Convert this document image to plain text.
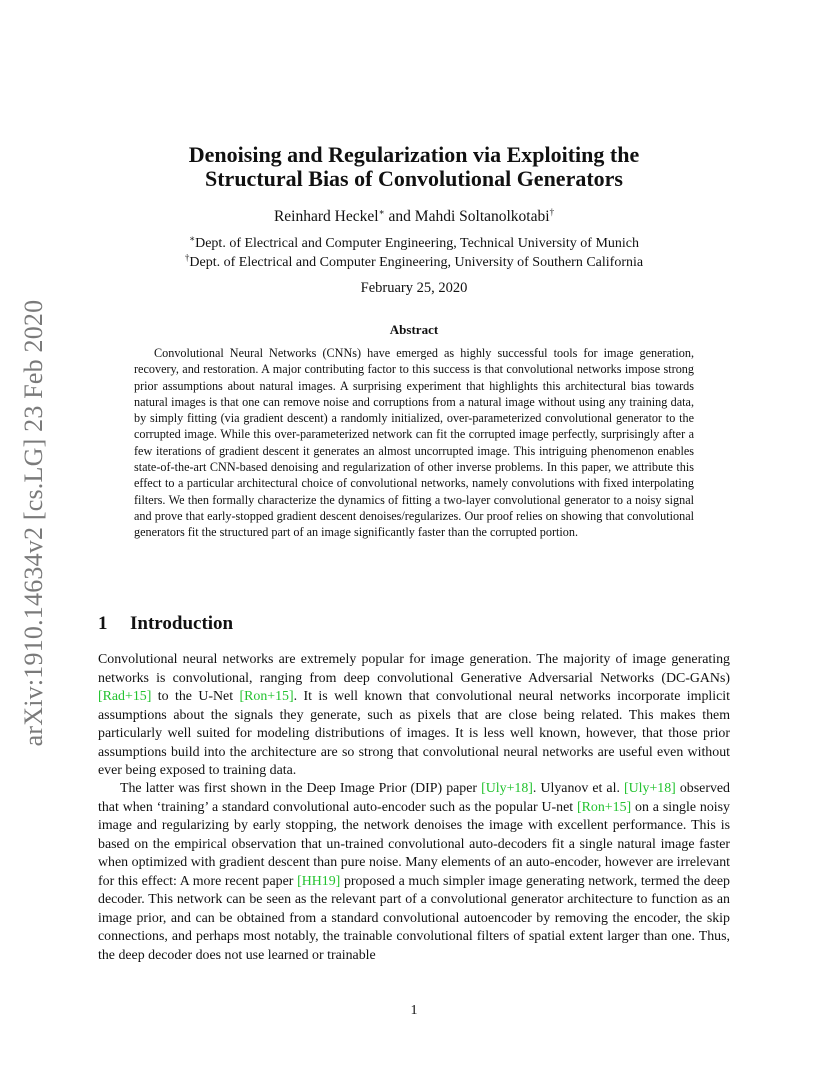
arXiv:1910.14634v2 [cs.LG] 23 Feb 2020
Denoising and Regularization via Exploiting the
Structural Bias of Convolutional Generators
Reinhard Heckel∗ and Mahdi Soltanolkotabi†
∗Dept. of Electrical and Computer Engineering, Technical University of Munich
†Dept. of Electrical and Computer Engineering, University of Southern California
February 25, 2020
Abstract

Convolutional Neural Networks (CNNs) have emerged as highly successful tools for image generation, recovery, and restoration. A major contributing factor to this success is that convolutional networks impose strong prior assumptions about natural images. A surprising experiment that highlights this architectural bias towards natural images is that one can remove noise and corruptions from a natural image without using any training data, by simply fitting (via gradient descent) a randomly initialized, over-parameterized convolutional generator to the corrupted image. While this over-parameterized network can fit the corrupted image perfectly, surprisingly after a few iterations of gradient descent it generates an almost uncorrupted image. This intriguing phenomenon enables state-of-the-art CNN-based denoising and regularization of other inverse problems. In this paper, we attribute this effect to a particular architectural choice of convolutional networks, namely convolutions with fixed interpolating filters. We then formally characterize the dynamics of fitting a two-layer convolutional generator to a noisy signal and prove that early-stopped gradient descent denoises/regularizes. Our proof relies on showing that convolutional generators fit the structured part of an image significantly faster than the corrupted portion.

1 Introduction

Convolutional neural networks are extremely popular for image generation. The majority of image generating networks is convolutional, ranging from deep convolutional Generative Adversarial Networks (DC-GANs) [Rad+15] to the U-Net [Ron+15]. It is well known that convolutional neural networks incorporate implicit assumptions about the signals they generate, such as pixels that are close being related. This makes them particularly well suited for modeling distributions of images. It is less well known, however, that those prior assumptions build into the architecture are so strong that convolutional neural networks are useful even without ever being exposed to training data.

The latter was first shown in the Deep Image Prior (DIP) paper [Uly+18]. Ulyanov et al. [Uly+18] observed that when ‘training’ a standard convolutional auto-encoder such as the popular U-net [Ron+15] on a single noisy image and regularizing by early stopping, the network denoises the image with excellent performance. This is based on the empirical observation that un-trained convolutional auto-decoders fit a single natural image faster when optimized with gradient descent than pure noise. Many elements of an auto-encoder, however are irrelevant for this effect: A more recent paper [HH19] proposed a much simpler image generating network, termed the deep decoder. This network can be seen as the relevant part of a convolutional generator architecture to function as an image prior, and can be obtained from a standard convolutional autoencoder by removing the encoder, the skip connections, and perhaps most notably, the trainable convolutional filters of spatial extent larger than one. Thus, the deep decoder does not use learned or trainable

1
